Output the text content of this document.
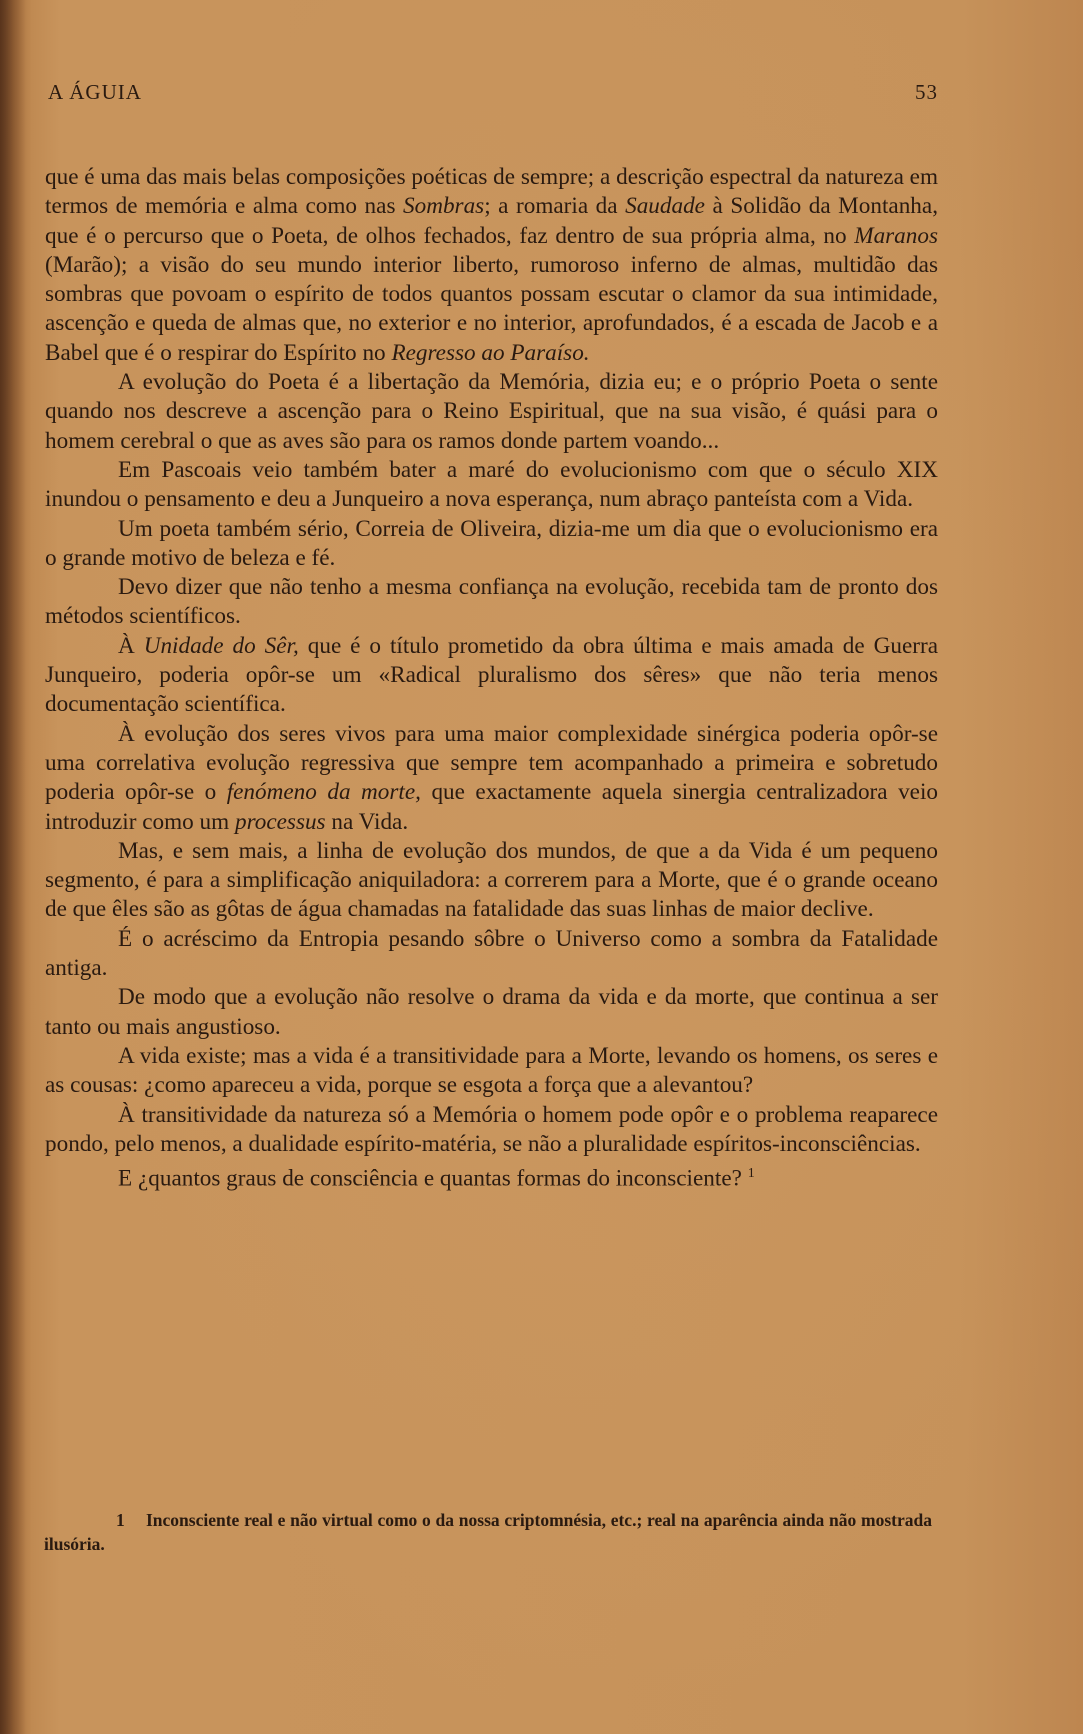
A ÁGUIA	53

que é uma das mais belas composições poéticas de sempre; a descrição espectral da natureza em termos de memória e alma como nas Sombras; a romaria da Saudade à Solidão da Montanha, que é o percurso que o Poeta, de olhos fechados, faz dentro de sua própria alma, no Maranos (Marão); a visão do seu mundo interior liberto, rumoroso inferno de almas, multidão das sombras que povoam o espírito de todos quantos possam escutar o clamor da sua intimidade, ascenção e queda de almas que, no exterior e no interior, aprofundados, é a escada de Jacob e a Babel que é o respirar do Espírito no Regresso ao Paraíso.

A evolução do Poeta é a libertação da Memória, dizia eu; e o próprio Poeta o sente quando nos descreve a ascenção para o Reino Espiritual, que na sua visão, é quási para o homem cerebral o que as aves são para os ramos donde partem voando...

Em Pascoais veio também bater a maré do evolucionismo com que o século XIX inundou o pensamento e deu a Junqueiro a nova esperança, num abraço panteísta com a Vida.

Um poeta também sério, Correia de Oliveira, dizia-me um dia que o evolucionismo era o grande motivo de beleza e fé.

Devo dizer que não tenho a mesma confiança na evolução, recebida tam de pronto dos métodos scientíficos.

À Unidade do Sêr, que é o título prometido da obra última e mais amada de Guerra Junqueiro, poderia opôr-se um «Radical pluralismo dos sêres» que não teria menos documentação scientífica.

À evolução dos seres vivos para uma maior complexidade sinérgica poderia opôr-se uma correlativa evolução regressiva que sempre tem acompanhado a primeira e sobretudo poderia opôr-se o fenómeno da morte, que exactamente aquela sinergia centralizadora veio introduzir como um processus na Vida.

Mas, e sem mais, a linha de evolução dos mundos, de que a da Vida é um pequeno segmento, é para a simplificação aniquiladora: a correrem para a Morte, que é o grande oceano de que êles são as gôtas de água chamadas na fatalidade das suas linhas de maior declive.

É o acréscimo da Entropia pesando sôbre o Universo como a sombra da Fatalidade antiga.

De modo que a evolução não resolve o drama da vida e da morte, que continua a ser tanto ou mais angustioso.

A vida existe; mas a vida é a transitividade para a Morte, levando os homens, os seres e as cousas: ¿como apareceu a vida, porque se esgota a força que a alevantou?

À transitividade da natureza só a Memória o homem pode opôr e o problema reaparece pondo, pelo menos, a dualidade espírito-matéria, se não a pluralidade espíritos-inconsciências.

E ¿quantos graus de consciência e quantas formas do inconsciente? $^1$

1 Inconsciente real e não virtual como o da nossa criptomnésia, etc.; real na aparência ainda não mostrada ilusória.
